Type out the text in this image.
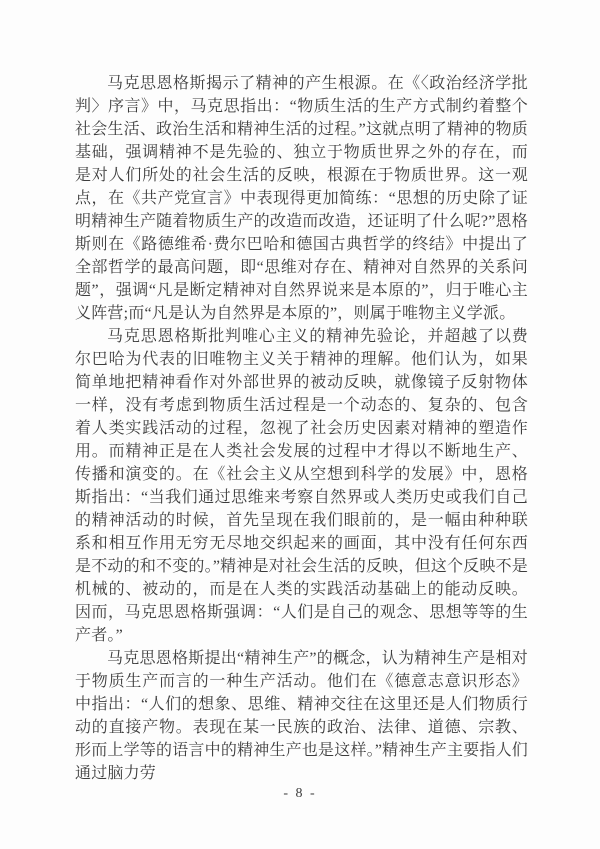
马克思恩格斯揭示了精神的产生根源。在《〈政治经济学批判〉序言》中，马克思指出：“物质生活的生产方式制约着整个社会生活、政治生活和精神生活的过程。”这就点明了精神的物质基础，强调精神不是先验的、独立于物质世界之外的存在，而是对人们所处的社会生活的反映，根源在于物质世界。这一观点，在《共产党宣言》中表现得更加简练：“思想的历史除了证明精神生产随着物质生产的改造而改造，还证明了什么呢?”恩格斯则在《路德维希·费尔巴哈和德国古典哲学的终结》中提出了全部哲学的最高问题，即“思维对存在、精神对自然界的关系问题”，强调“凡是断定精神对自然界说来是本原的”，归于唯心主义阵营;而“凡是认为自然界是本原的”，则属于唯物主义学派。

马克思恩格斯批判唯心主义的精神先验论，并超越了以费尔巴哈为代表的旧唯物主义关于精神的理解。他们认为，如果简单地把精神看作对外部世界的被动反映，就像镜子反射物体一样，没有考虑到物质生活过程是一个动态的、复杂的、包含着人类实践活动的过程，忽视了社会历史因素对精神的塑造作用。而精神正是在人类社会发展的过程中才得以不断地生产、传播和演变的。在《社会主义从空想到科学的发展》中，恩格斯指出：“当我们通过思维来考察自然界或人类历史或我们自己的精神活动的时候，首先呈现在我们眼前的，是一幅由种种联系和相互作用无穷无尽地交织起来的画面，其中没有任何东西是不动的和不变的。”精神是对社会生活的反映，但这个反映不是机械的、被动的，而是在人类的实践活动基础上的能动反映。因而，马克思恩格斯强调：“人们是自己的观念、思想等等的生产者。”

马克思恩格斯提出“精神生产”的概念，认为精神生产是相对于物质生产而言的一种生产活动。他们在《德意志意识形态》中指出：“人们的想象、思维、精神交往在这里还是人们物质行动的直接产物。表现在某一民族的政治、法律、道德、宗教、形而上学等的语言中的精神生产也是这样。”精神生产主要指人们通过脑力劳

- 8 -
